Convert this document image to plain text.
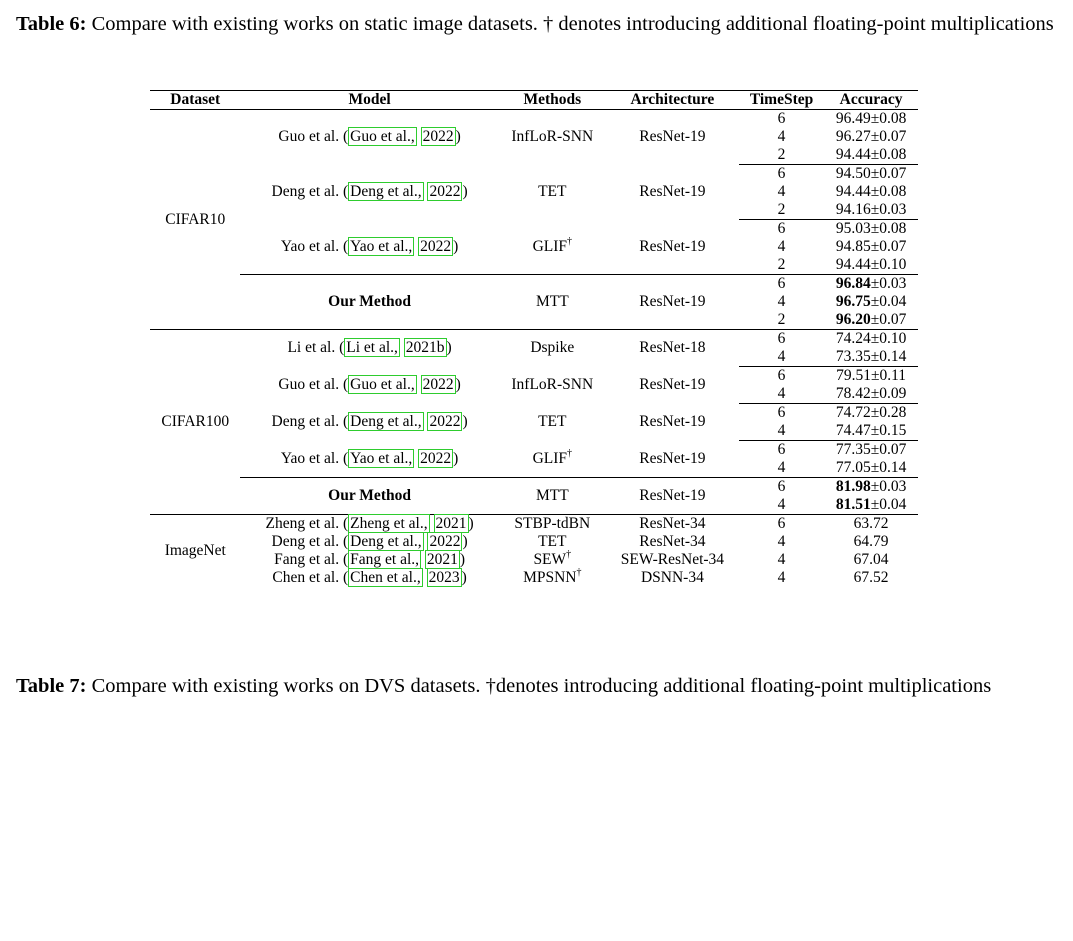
Table 6: Compare with existing works on static image datasets. † denotes introducing additional floating-point multiplications
Dataset	Model	Methods	Architecture	TimeStep	Accuracy
CIFAR10	Guo et al. ( Guo et al., 2022 )	InfLoR-SNN	ResNet-19	6	96.49±0.08
				4	96.27±0.07
				2	94.44±0.08
	Deng et al. ( Deng et al., 2022 )	TET	ResNet-19	6	94.50±0.07
				4	94.44±0.08
				2	94.16±0.03
	Yao et al. ( Yao et al., 2022 )	GLIF†	ResNet-19	6	95.03±0.08
				4	94.85±0.07
				2	94.44±0.10
	Our Method	MTT	ResNet-19	6	96.84±0.03
				4	96.75±0.04
				2	96.20±0.07
CIFAR100	Li et al. ( Li et al., 2021b )	Dspike	ResNet-18	6	74.24±0.10
				4	73.35±0.14
	Guo et al. ( Guo et al., 2022 )	InfLoR-SNN	ResNet-19	6	79.51±0.11
				4	78.42±0.09
	Deng et al. ( Deng et al., 2022 )	TET	ResNet-19	6	74.72±0.28
				4	74.47±0.15
	Yao et al. ( Yao et al., 2022 )	GLIF†	ResNet-19	6	77.35±0.07
				4	77.05±0.14
	Our Method	MTT	ResNet-19	6	81.98±0.03
				4	81.51±0.04
ImageNet	Zheng et al. ( Zheng et al., 2021 )	STBP-tdBN	ResNet-34	6	63.72
	Deng et al. ( Deng et al., 2022 )	TET	ResNet-34	4	64.79
	Fang et al. ( Fang et al., 2021 )	SEW†	SEW-ResNet-34	4	67.04
	Chen et al. ( Chen et al., 2023 )	MPSNN†	DSNN-34	4	67.52
Table 7: Compare with existing works on DVS datasets. †denotes introducing additional floating-point multiplications
